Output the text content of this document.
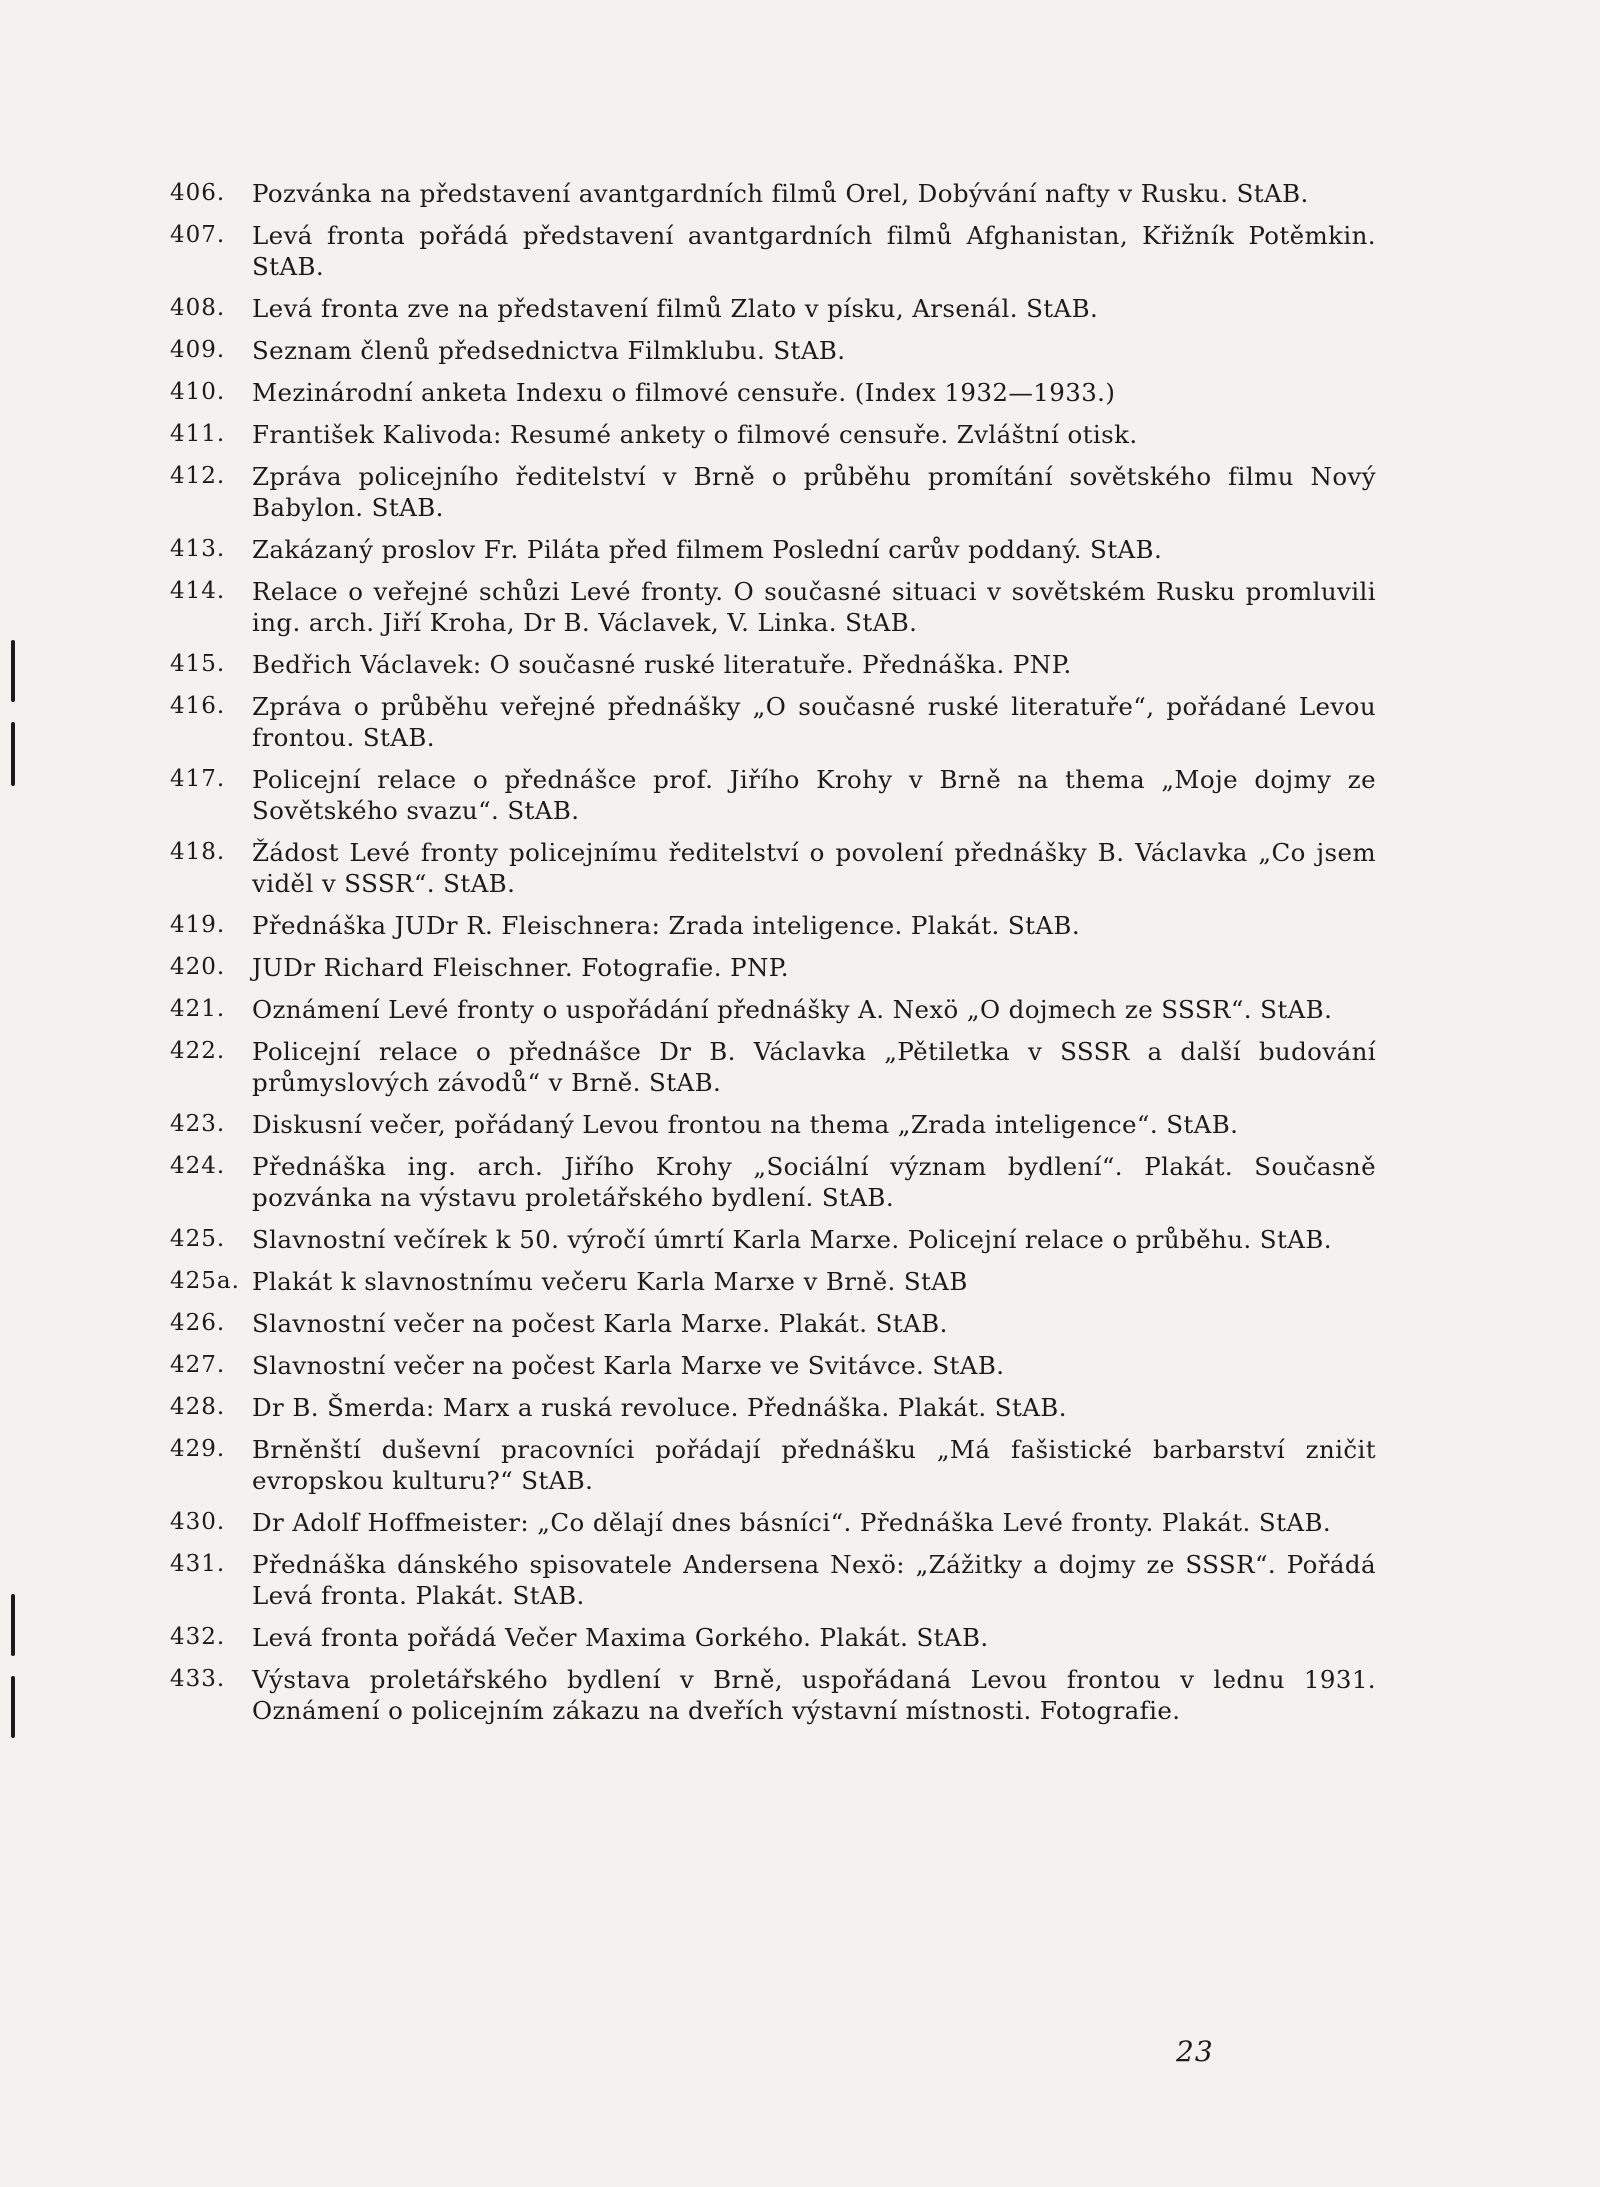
406.	Pozvánka na představení avantgardních filmů Orel, Dobývání nafty v Rusku. StAB.
407.	Levá fronta pořádá představení avantgardních filmů Afghanistan, Křižník Potěmkin. StAB.
408.	Levá fronta zve na představení filmů Zlato v písku, Arsenál. StAB.
409.	Seznam členů předsednictva Filmklubu. StAB.
410.	Mezinárodní anketa Indexu o filmové censuře. (Index 1932—1933.)
411.	František Kalivoda: Resumé ankety o filmové censuře. Zvláštní otisk.
412.	Zpráva policejního ředitelství v Brně o průběhu promítání sovětského filmu Nový Babylon. StAB.
413.	Zakázaný proslov Fr. Piláta před filmem Poslední carův poddaný. StAB.
414.	Relace o veřejné schůzi Levé fronty. O současné situaci v sovětském Rusku promluvili ing. arch. Jiří Kroha, Dr B. Václavek, V. Linka. StAB.
415.	Bedřich Václavek: O současné ruské literatuře. Přednáška. PNP.
416.	Zpráva o průběhu veřejné přednášky „O současné ruské literatuře“, pořádané Levou frontou. StAB.
417.	Policejní relace o přednášce prof. Jiřího Krohy v Brně na thema „Moje dojmy ze Sovětského svazu“. StAB.
418.	Žádost Levé fronty policejnímu ředitelství o povolení přednášky B. Václavka „Co jsem viděl v SSSR“. StAB.
419.	Přednáška JUDr R. Fleischnera: Zrada inteligence. Plakát. StAB.
420.	JUDr Richard Fleischner. Fotografie. PNP.
421.	Oznámení Levé fronty o uspořádání přednášky A. Nexö „O dojmech ze SSSR“. StAB.
422.	Policejní relace o přednášce Dr B. Václavka „Pětiletka v SSSR a další budování průmyslových závodů“ v Brně. StAB.
423.	Diskusní večer, pořádaný Levou frontou na thema „Zrada inteligence“. StAB.
424.	Přednáška ing. arch. Jiřího Krohy „Sociální význam bydlení“. Plakát. Současně pozvánka na výstavu proletářského bydlení. StAB.
425.	Slavnostní večírek k 50. výročí úmrtí Karla Marxe. Policejní relace o průběhu. StAB.
425a. Plakát k slavnostnímu večeru Karla Marxe v Brně. StAB
426.	Slavnostní večer na počest Karla Marxe. Plakát. StAB.
427.	Slavnostní večer na počest Karla Marxe ve Svitávce. StAB.
428.	Dr B. Šmerda: Marx a ruská revoluce. Přednáška. Plakát. StAB.
429.	Brněnští duševní pracovníci pořádají přednášku „Má fašistické barbarství zničit evropskou kulturu?“ StAB.
430.	Dr Adolf Hoffmeister: „Co dělají dnes básníci“. Přednáška Levé fronty. Plakát. StAB.
431.	Přednáška dánského spisovatele Andersena Nexö: „Zážitky a dojmy ze SSSR“. Pořádá Levá fronta. Plakát. StAB.
432.	Levá fronta pořádá Večer Maxima Gorkého. Plakát. StAB.
433.	Výstava proletářského bydlení v Brně, uspořádaná Levou frontou v lednu 1931. Oznámení o policejním zákazu na dveřích výstavní místnosti. Fotografie.
23
